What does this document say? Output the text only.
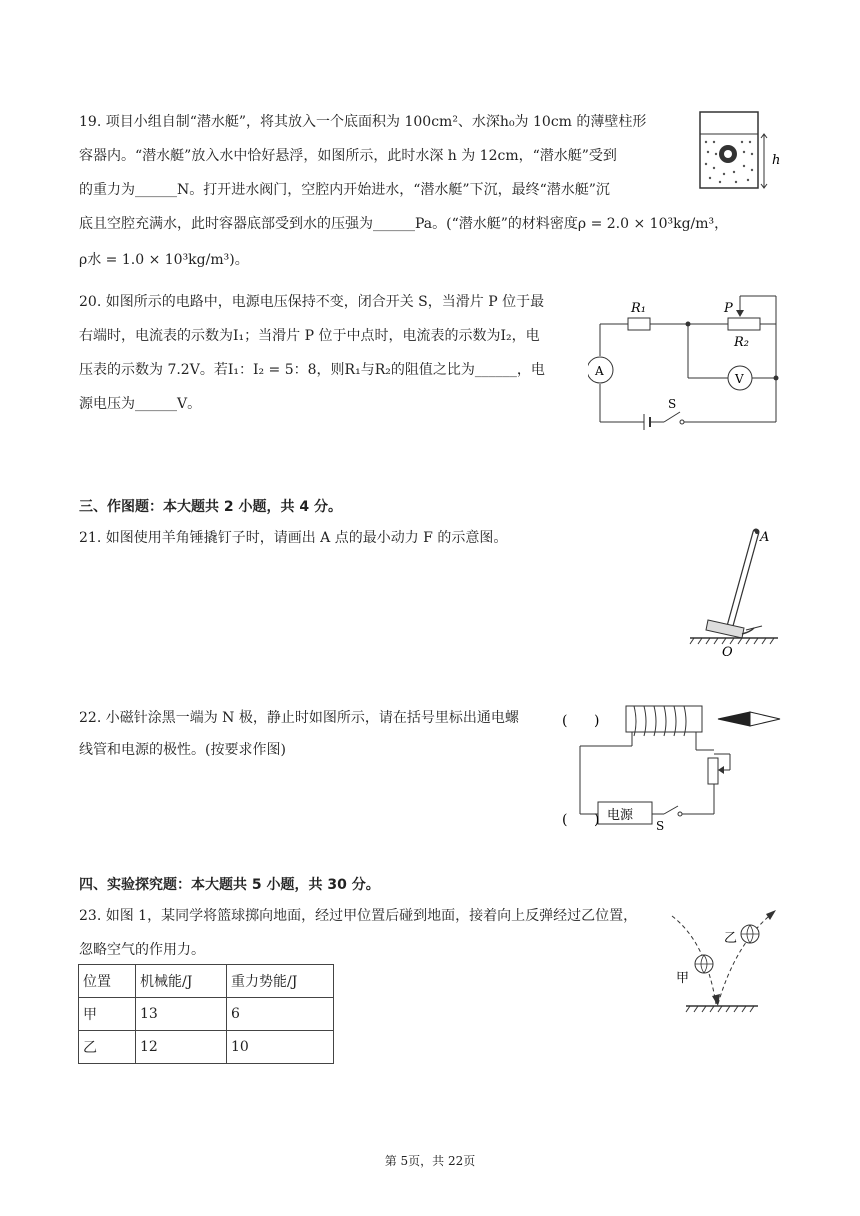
19. 项目小组自制“潜水艇”，将其放入一个底面积为 100cm²、水深h₀为 10cm 的薄壁柱形
容器内。“潜水艇”放入水中恰好悬浮，如图所示，此时水深 h 为 12cm，“潜水艇”受到
的重力为______N。打开进水阀门，空腔内开始进水，“潜水艇”下沉，最终“潜水艇”沉
底且空腔充满水，此时容器底部受到水的压强为______Pa。(“潜水艇”的材料密度ρ = 2.0 × 10³kg/m³，
ρ水 = 1.0 × 10³kg/m³)。
h
20. 如图所示的电路中，电源电压保持不变，闭合开关 S，当滑片 P 位于最
右端时，电流表的示数为I₁；当滑片 P 位于中点时，电流表的示数为I₂，电
压表的示数为 7.2V。若I₁：I₂ = 5：8，则R₁与R₂的阻值之比为______，电
源电压为______V。
R₁	P
R₂
A
V
S
三、作图题：本大题共 2 小题，共 4 分。
21. 如图使用羊角锤撬钉子时，请画出 A 点的最小动力 F 的示意图。	A
O
22. 小磁针涂黑一端为 N 极，静止时如图所示，请在括号里标出通电螺
线管和电源的极性。(按要求作图)
( )
电源
S
( )
四、实验探究题：本大题共 5 小题，共 30 分。
23. 如图 1，某同学将篮球掷向地面，经过甲位置后碰到地面，接着向上反弹经过乙位置，
忽略空气的作用力。
位置	机械能/J	重力势能/J
甲	13	6
乙	12	10
甲
乙
第 5页，共 22页
